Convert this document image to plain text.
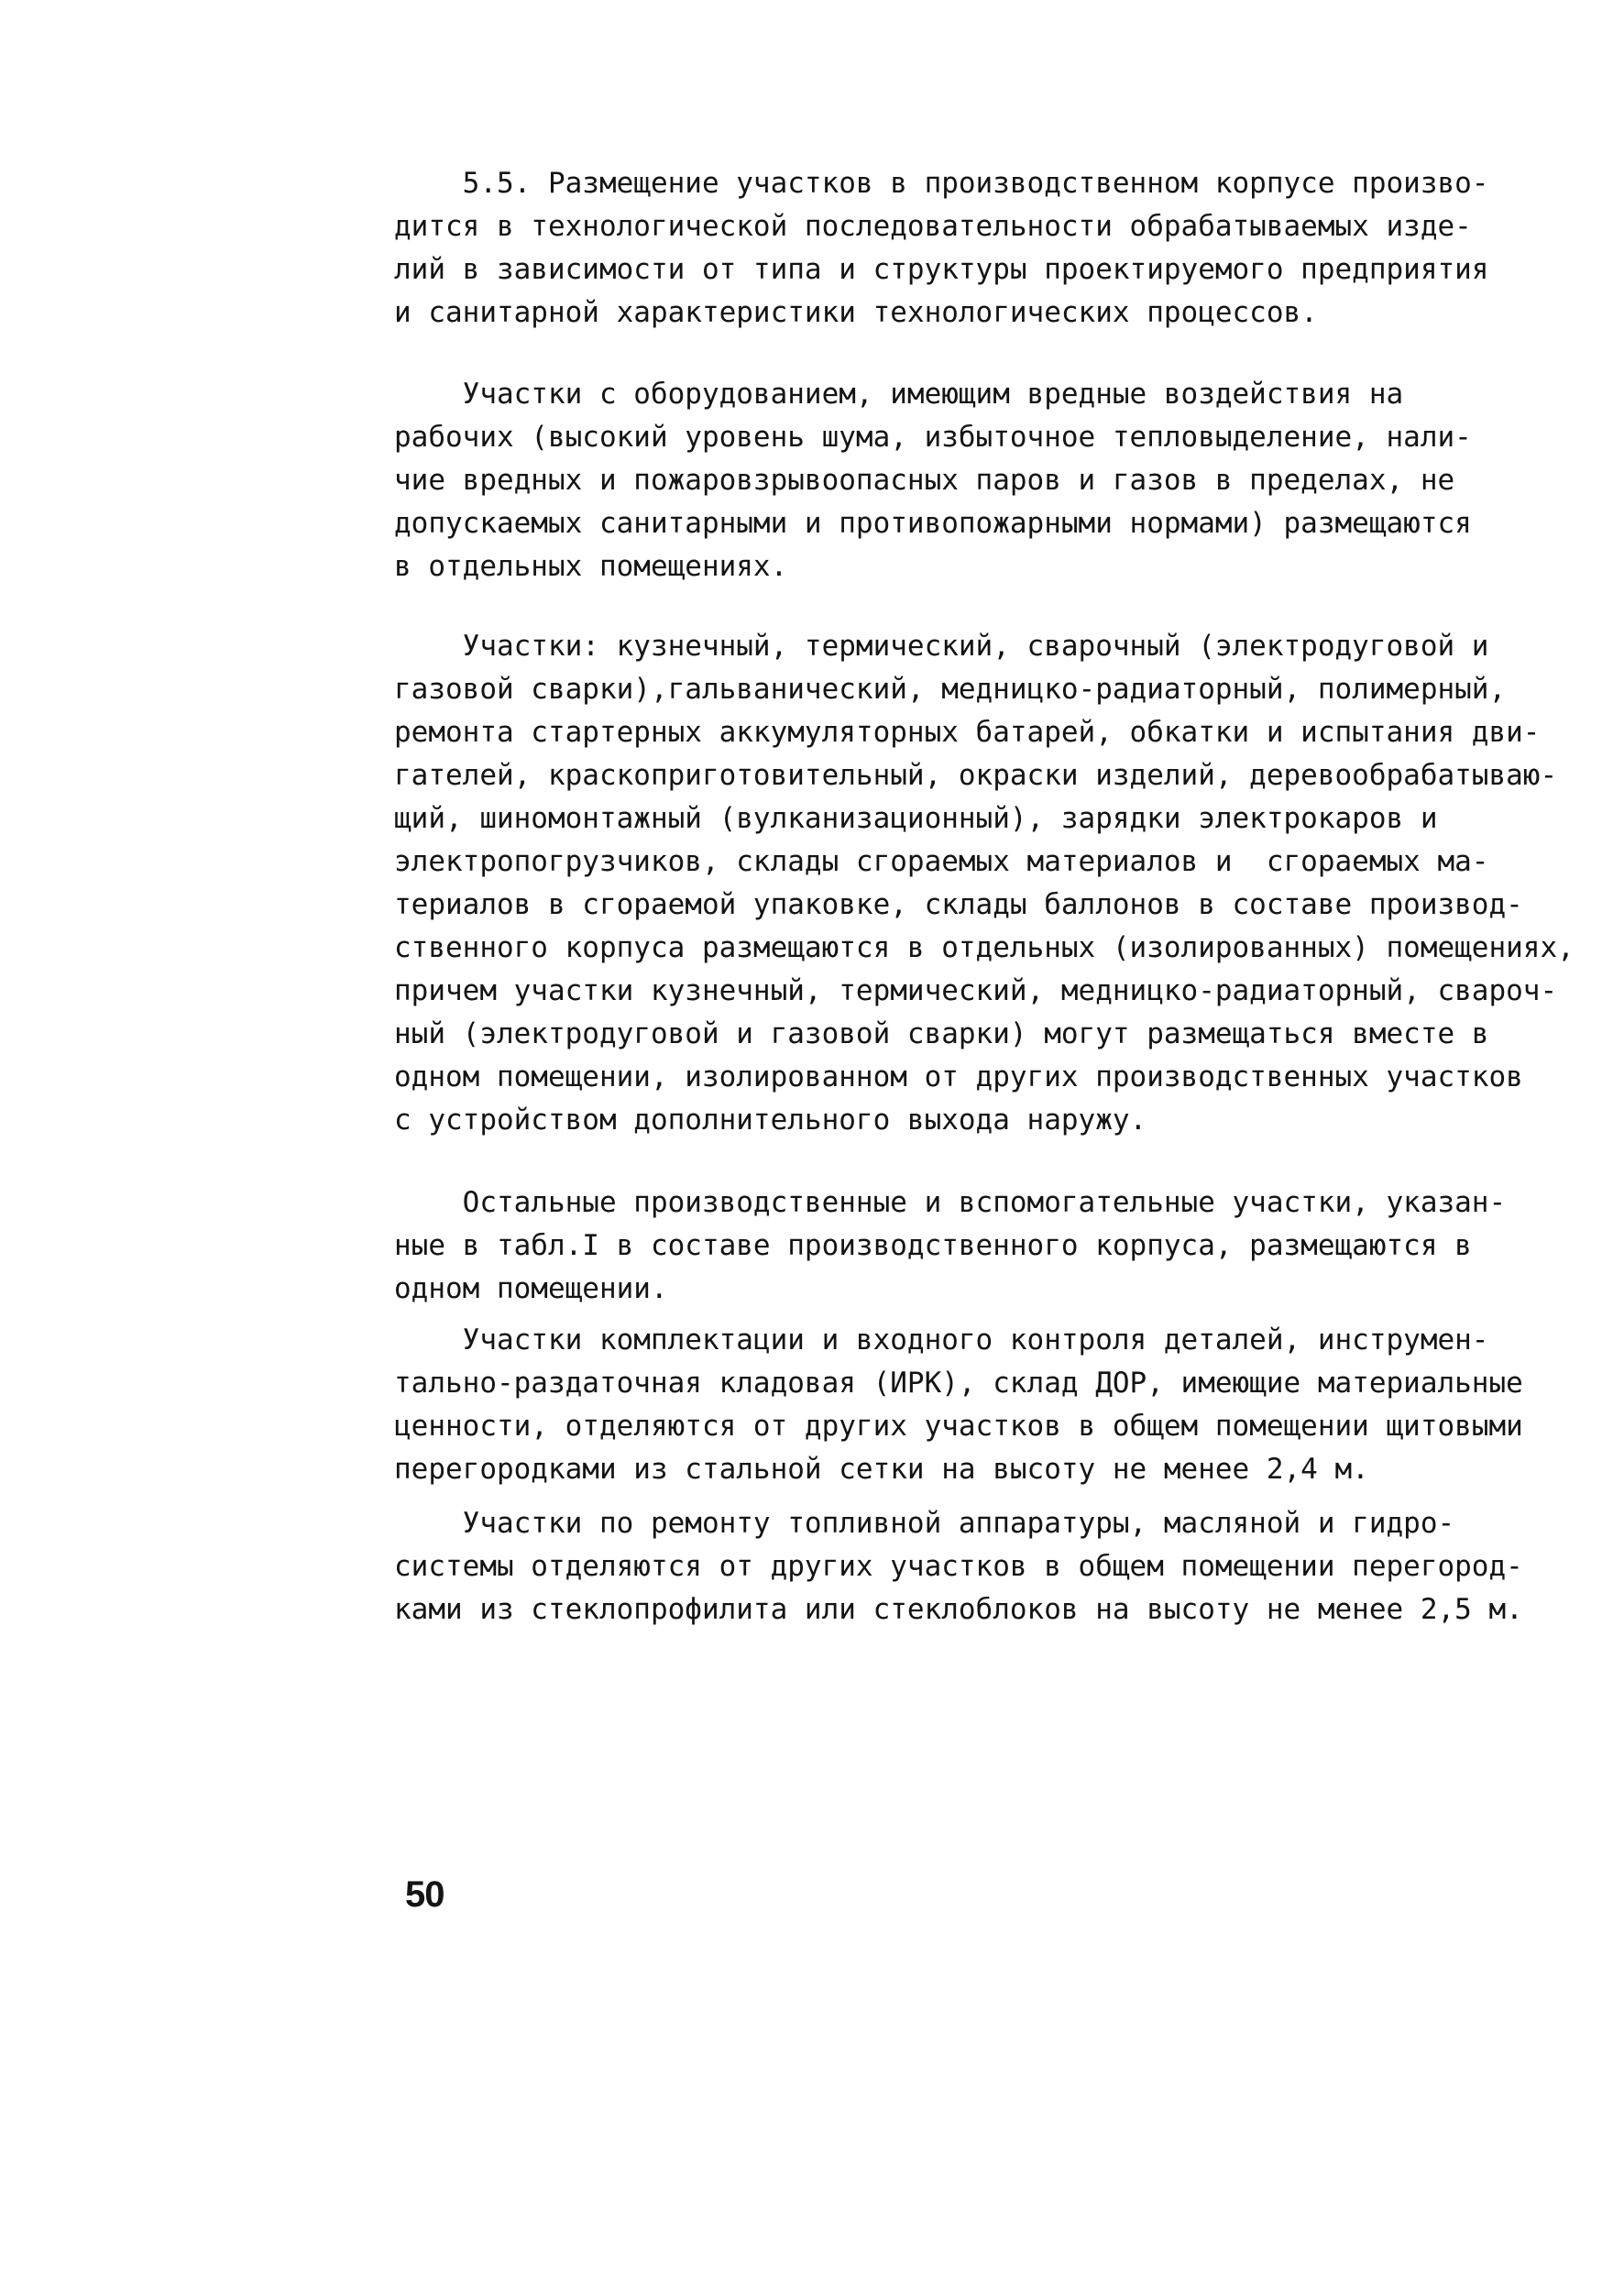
5.5. Размещение участков в производственном корпусе произво-
дится в технологической последовательности обрабатываемых изде-
лий в зависимости от типа и структуры проектируемого предприятия
и санитарной характеристики технологических процессов.
Участки с оборудованием, имеющим вредные воздействия на
рабочих (высокий уровень шума, избыточное тепловыделение, нали-
чие вредных и пожаровзрывоопасных паров и газов в пределах, не
допускаемых санитарными и противопожарными нормами) размещаются
в отдельных помещениях.
Участки: кузнечный, термический, сварочный (электродуговой и
газовой сварки),гальванический, медницко-радиаторный, полимерный,
ремонта стартерных аккумуляторных батарей, обкатки и испытания дви-
гателей, краскоприготовительный, окраски изделий, деревообрабатываю-
щий, шиномонтажный (вулканизационный), зарядки электрокаров и
электропогрузчиков, склады сгораемых материалов и  сгораемых ма-
териалов в сгораемой упаковке, склады баллонов в составе производ-
ственного корпуса размещаются в отдельных (изолированных) помещениях,
причем участки кузнечный, термический, медницко-радиаторный, свароч-
ный (электродуговой и газовой сварки) могут размещаться вместе в
одном помещении, изолированном от других производственных участков
с устройством дополнительного выхода наружу.
Остальные производственные и вспомогательные участки, указан-
ные в табл.I в составе производственного корпуса, размещаются в
одном помещении.
Участки комплектации и входного контроля деталей, инструмен-
тально-раздаточная кладовая (ИРК), склад ДОР, имеющие материальные
ценности, отделяются от других участков в общем помещении щитовыми
перегородками из стальной сетки на высоту не менее 2,4 м.
Участки по ремонту топливной аппаратуры, масляной и гидро-
системы отделяются от других участков в общем помещении перегород-
ками из стеклопрофилита или стеклоблоков на высоту не менее 2,5 м.
50
